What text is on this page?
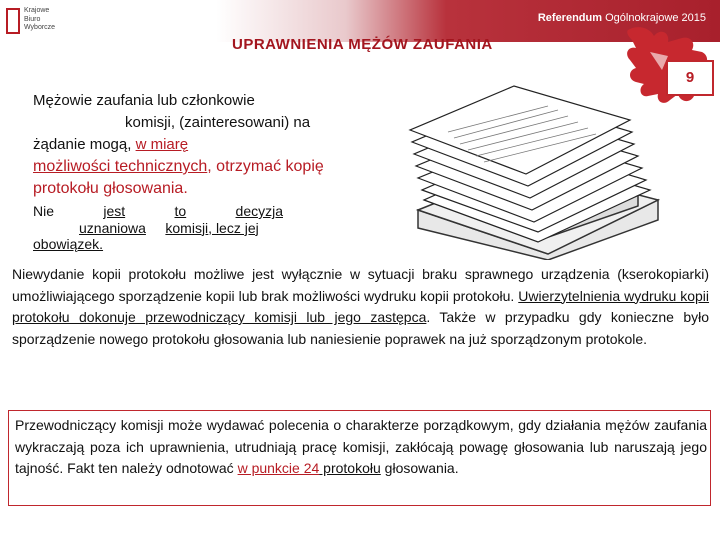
Krajowe
Biuro
Wyborcze
Referendum Ogólnokrajowe 2015
UPRAWNIENIA MĘŻÓW ZAUFANIA
9
Mężowie zaufania lub członkowie
komisji, (zainteresowani) na
żądanie mogą, w miarę
możliwości technicznych, otrzymać kopię
protokołu głosowania.
Nie	jest	to	decyzja
uznaniowa komisji, lecz jej
obowiązek.
Niewydanie kopii protokołu możliwe jest wyłącznie w sytuacji braku sprawnego urządzenia (kserokopiarki) umożliwiającego sporządzenie kopii lub brak możliwości wydruku kopii protokołu. Uwierzytelnienia wydruku kopii protokołu dokonuje przewodniczący komisji lub jego zastępca. Także w przypadku gdy konieczne było sporządzenie nowego protokołu głosowania lub naniesienie poprawek na już sporządzonym protokole.
Przewodniczący komisji może wydawać polecenia o charakterze porządkowym, gdy działania mężów zaufania wykraczają poza ich uprawnienia, utrudniają pracę komisji, zakłócają powagę głosowania lub naruszają jego tajność. Fakt ten należy odnotować w punkcie 24 protokołu głosowania.
